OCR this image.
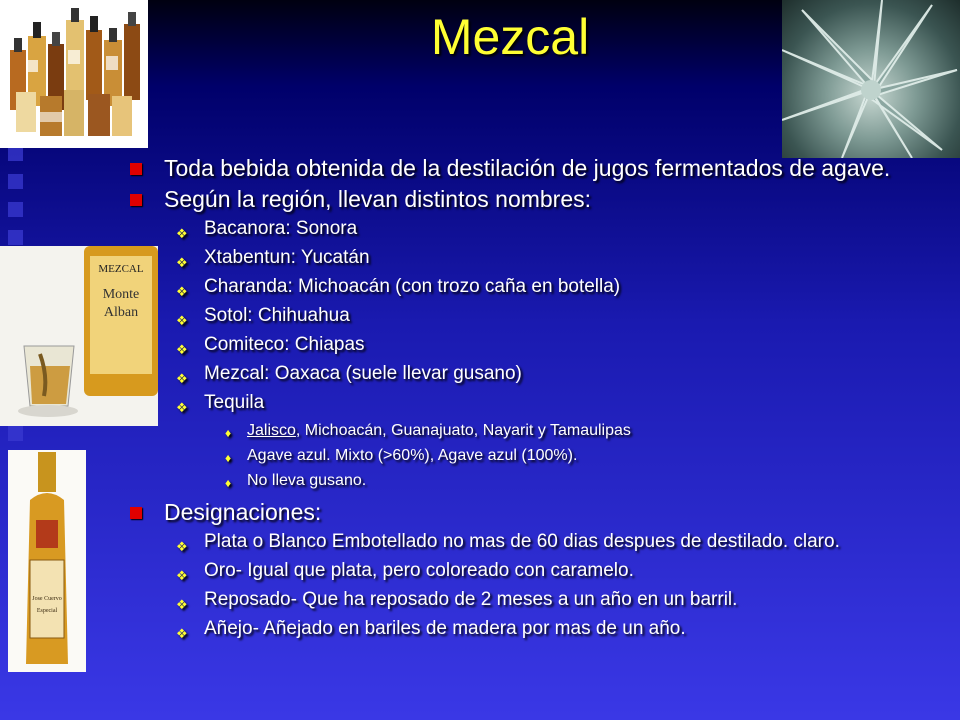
MEZCAL
Monte
Alban
Jose Cuervo
Especial
Mezcal
Toda bebida obtenida de la destilación de jugos fermentados de agave.
Según la región, llevan distintos nombres:
❖ Bacanora: Sonora
❖ Xtabentun: Yucatán
❖ Charanda: Michoacán (con trozo caña en botella)
❖ Sotol: Chihuahua
❖ Comiteco: Chiapas
❖ Mezcal: Oaxaca (suele llevar gusano)
❖ Tequila
♦ Jalisco, Michoacán, Guanajuato, Nayarit y Tamaulipas
♦ Agave azul. Mixto (>60%), Agave azul (100%).
♦ No lleva gusano.
Designaciones:
❖ Plata o Blanco Embotellado no mas de 60 dias despues de destilado. claro.
❖ Oro- Igual que plata, pero coloreado con caramelo.
❖ Reposado- Que ha reposado de 2 meses a un año en un barril.
❖ Añejo- Añejado en bariles de madera por mas de un año.
